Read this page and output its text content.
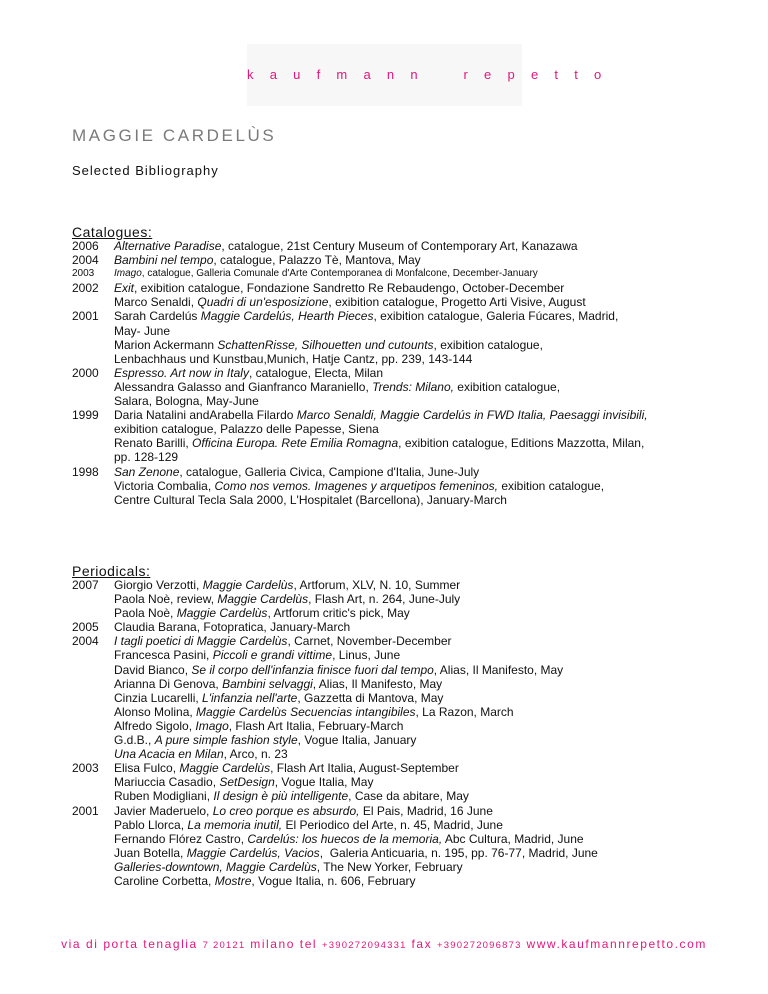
k a u f m a n n    r e p e t t o
MAGGIE CARDELÙS
Selected Bibliography
Catalogues:
2006	Alternative Paradise, catalogue, 21st Century Museum of Contemporary Art, Kanazawa
2004	Bambini nel tempo, catalogue, Palazzo Tè, Mantova, May
2003	Imago, catalogue, Galleria Comunale d'Arte Contemporanea di Monfalcone, December-January
2002	Exit, exibition catalogue, Fondazione Sandretto Re Rebaudengo, October-December
Marco Senaldi, Quadri di un'esposizione, exibition catalogue, Progetto Arti Visive, August
2001	Sarah Cardelús Maggie Cardelús, Hearth Pieces, exibition catalogue, Galeria Fúcares, Madrid,
May- June
Marion Ackermann SchattenRisse, Silhouetten und cutounts, exibition catalogue,
Lenbachhaus und Kunstbau,Munich, Hatje Cantz, pp. 239, 143-144
2000	Espresso. Art now in Italy, catalogue, Electa, Milan
Alessandra Galasso and Gianfranco Maraniello, Trends: Milano, exibition catalogue,
Salara, Bologna, May-June
1999	Daria Natalini andArabella Filardo Marco Senaldi, Maggie Cardelús in FWD Italia, Paesaggi invisibili,
exibition catalogue, Palazzo delle Papesse, Siena
Renato Barilli, Officina Europa. Rete Emilia Romagna, exibition catalogue, Editions Mazzotta, Milan,
pp. 128-129
1998	San Zenone, catalogue, Galleria Civica, Campione d'Italia, June-July
Victoria Combalia, Como nos vemos. Imagenes y arquetipos femeninos, exibition catalogue,
Centre Cultural Tecla Sala 2000, L'Hospitalet (Barcellona), January-March
Periodicals:
2007	Giorgio Verzotti, Maggie Cardelùs, Artforum, XLV, N. 10, Summer
Paola Noè, review, Maggie Cardelùs, Flash Art, n. 264, June-July
Paola Noè, Maggie Cardelùs, Artforum critic's pick, May
2005	Claudia Barana, Fotopratica, January-March
2004	I tagli poetici di Maggie Cardelùs, Carnet, November-December
Francesca Pasini, Piccoli e grandi vittime, Linus, June
David Bianco, Se il corpo dell'infanzia finisce fuori dal tempo, Alias, Il Manifesto, May
Arianna Di Genova, Bambini selvaggi, Alias, Il Manifesto, May
Cinzia Lucarelli, L'infanzia nell'arte, Gazzetta di Mantova, May
Alonso Molina, Maggie Cardelùs Secuencias intangibiles, La Razon, March
Alfredo Sigolo, Imago, Flash Art Italia, February-March
G.d.B., A pure simple fashion style, Vogue Italia, January
Una Acacia en Milan, Arco, n. 23
2003	Elisa Fulco, Maggie Cardelùs, Flash Art Italia, August-September
Mariuccia Casadio, SetDesign, Vogue Italia, May
Ruben Modigliani, Il design è più intelligente, Case da abitare, May
2001	Javier Maderuelo, Lo creo porque es absurdo, El Pais, Madrid, 16 June
Pablo Llorca, La memoria inutil, El Periodico del Arte, n. 45, Madrid, June
Fernando Flórez Castro, Cardelús: los huecos de la memoria, Abc Cultura, Madrid, June
Juan Botella, Maggie Cardelús, Vacios,  Galeria Anticuaria, n. 195, pp. 76-77, Madrid, June
Galleries-downtown, Maggie Cardelùs, The New Yorker, February
Caroline Corbetta, Mostre, Vogue Italia, n. 606, February
via di porta tenaglia 7 20121 milano tel +390272094331 fax +390272096873 www.kaufmannrepetto.com
